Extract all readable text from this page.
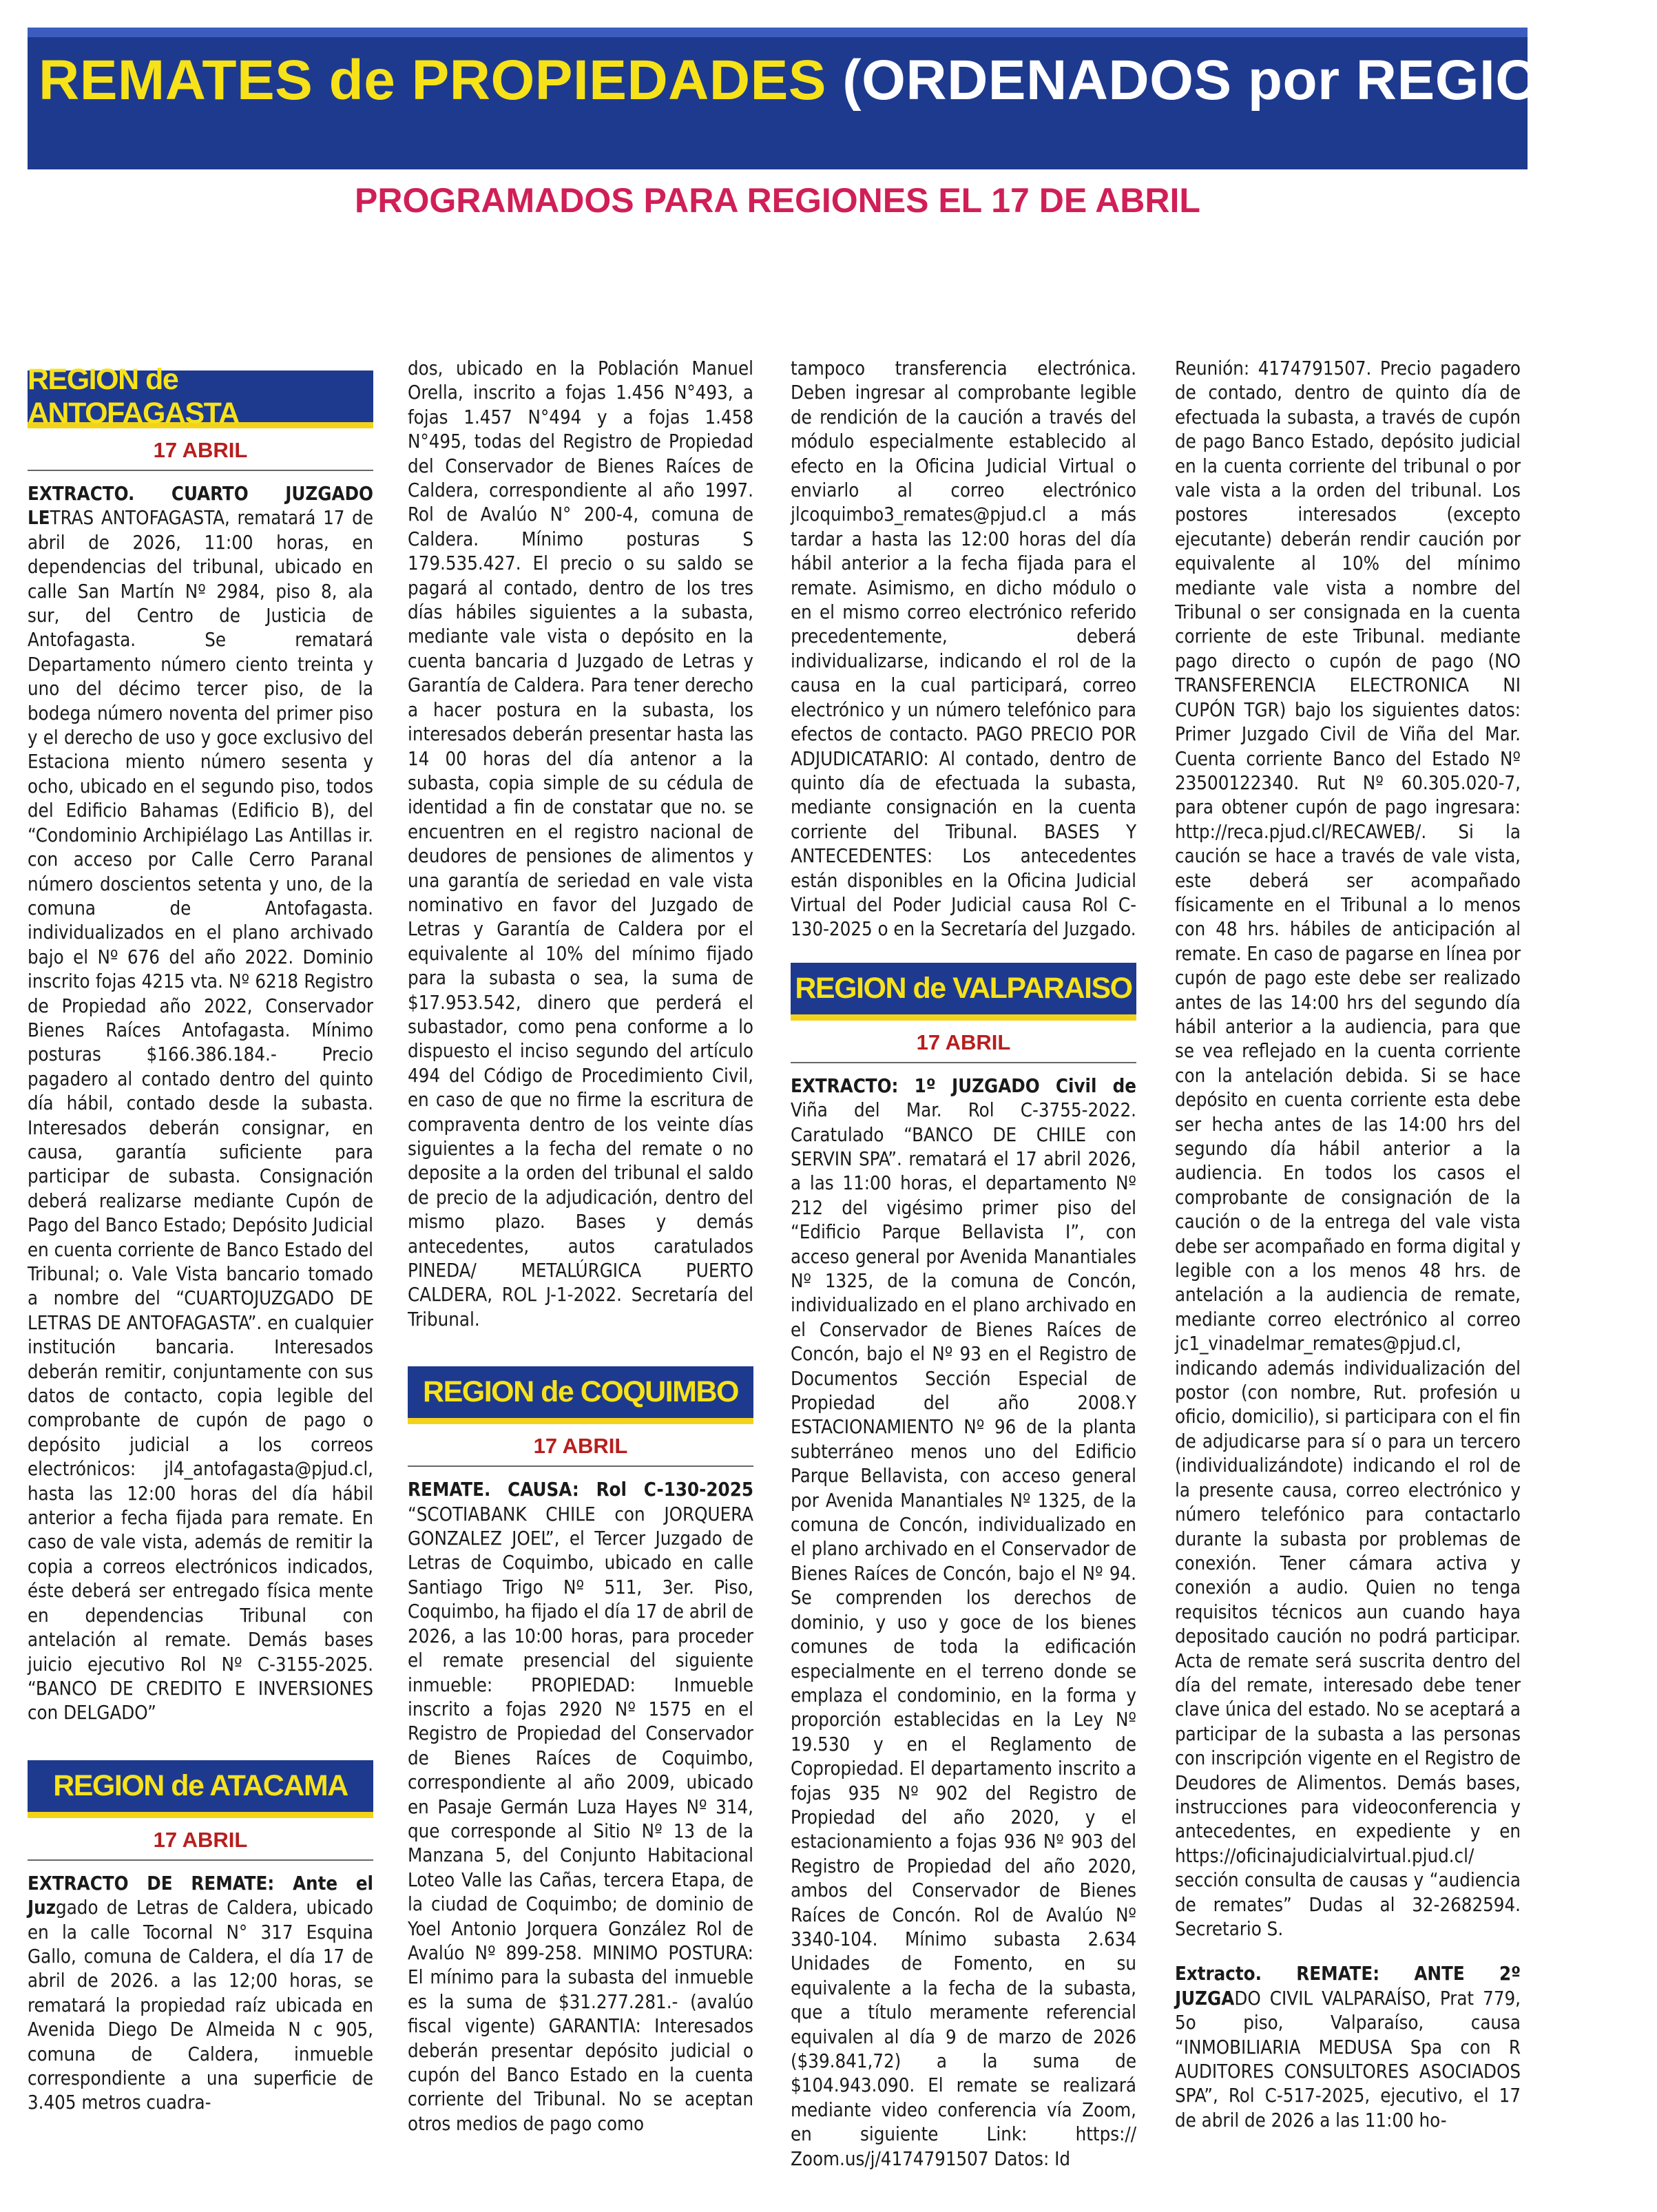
REMATES de PROPIEDADES (ORDENADOS por REGIONES
PROGRAMADOS PARA REGIONES EL 17 DE ABRIL
REGION de ANTOFAGASTA
17 ABRIL

EXTRACTO. CUARTO JUZGADO LETRAS ANTOFAGASTA, rematará 17 de abril de 2026, 11:00 horas, en dependencias del tribunal, ubicado en calle San Martín Nº 2984, piso 8, ala sur, del Centro de Justicia de Antofagasta. Se rematará Departamento número ciento treinta y uno del décimo tercer piso, de la bodega número noventa del primer piso y el derecho de uso y goce exclusivo del Estaciona miento número sesenta y ocho, ubicado en el segundo piso, todos del Edificio Bahamas (Edificio B), del “Condominio Archipiélago Las Antillas ir. con acceso por Calle Cerro Paranal número doscientos setenta y uno, de la comuna de Antofagasta. individualizados en el plano archivado bajo el Nº 676 del año 2022. Dominio inscrito fojas 4215 vta. Nº 6218 Registro de Propiedad año 2022, Conservador Bienes Raíces Antofagasta. Mínimo posturas $166.386.184.- Precio pagadero al contado dentro del quinto día hábil, contado desde la subasta. Interesados deberán consignar, en causa, garantía suficiente para participar de subasta. Consignación deberá realizarse mediante Cupón de Pago del Banco Estado; Depósito Judicial en cuenta corriente de Banco Estado del Tribunal; o. Vale Vista bancario tomado a nombre del “CUARTOJUZGADO DE LETRAS DE ANTOFAGASTA”. en cualquier institución bancaria. Interesados deberán remitir, conjuntamente con sus datos de contacto, copia legible del comprobante de cupón de pago o depósito judicial a los correos electrónicos: jl4_antofagasta@pjud.cl, hasta las 12:00 horas del día hábil anterior a fecha fijada para remate. En caso de vale vista, además de remitir la copia a correos electrónicos indicados, éste deberá ser entregado física mente en dependencias Tribunal con antelación al remate. Demás bases juicio ejecutivo Rol Nº C-3155-2025. “BANCO DE CREDITO E INVERSIONES con DELGADO”

REGION de ATACAMA
17 ABRIL

EXTRACTO DE REMATE: Ante el Juzgado de Letras de Caldera, ubicado en la calle Tocornal N° 317 Esquina Gallo, comuna de Caldera, el día 17 de abril de 2026. a las 12;00 horas, se rematará la propiedad raíz ubicada en Avenida Diego De Almeida N c 905, comuna de Caldera, inmueble correspondiente a una superficie de 3.405 metros cuadra-

dos, ubicado en la Población Manuel Orella, inscrito a fojas 1.456 N°493, a fojas 1.457 N°494 y a fojas 1.458 N°495, todas del Registro de Propiedad del Conservador de Bienes Raíces de Caldera, correspondiente al año 1997. Rol de Avalúo N° 200-4, comuna de Caldera. Mínimo posturas S 179.535.427. El precio o su saldo se pagará al contado, dentro de los tres días hábiles siguientes a la subasta, mediante vale vista o depósito en la cuenta bancaria d Juzgado de Letras y Garantía de Caldera. Para tener derecho a hacer postura en la subasta, los interesados deberán presentar hasta las 14 00 horas del día antenor a la subasta, copia simple de su cédula de identidad a fin de constatar que no. se encuentren en el registro nacional de deudores de pensiones de alimentos y una garantía de seriedad en vale vista nominativo en favor del Juzgado de Letras y Garantía de Caldera por el equivalente al 10% del mínimo fijado para la subasta o sea, la suma de $17.953.542, dinero que perderá el subastador, como pena conforme a lo dispuesto el inciso segundo del artículo 494 del Código de Procedimiento Civil, en caso de que no firme la escritura de compraventa dentro de los veinte días siguientes a la fecha del remate o no deposite a la orden del tribunal el saldo de precio de la adjudicación, dentro del mismo plazo. Bases y demás antecedentes, autos caratulados PINEDA/ METALÚRGICA PUERTO CALDERA, ROL J-1-2022. Secretaría del Tribunal.

REGION de COQUIMBO
17 ABRIL

REMATE. CAUSA: Rol C-130-2025 “SCOTIABANK CHILE con JORQUERA GONZALEZ JOEL”, el Tercer Juzgado de Letras de Coquimbo, ubicado en calle Santiago Trigo Nº 511, 3er. Piso, Coquimbo, ha fijado el día 17 de abril de 2026, a las 10:00 horas, para proceder el remate presencial del siguiente inmueble: PROPIEDAD: Inmueble inscrito a fojas 2920 Nº 1575 en el Registro de Propiedad del Conservador de Bienes Raíces de Coquimbo, correspondiente al año 2009, ubicado en Pasaje Germán Luza Hayes Nº 314, que corresponde al Sitio Nº 13 de la Manzana 5, del Conjunto Habitacional Loteo Valle las Cañas, tercera Etapa, de la ciudad de Coquimbo; de dominio de Yoel Antonio Jorquera González Rol de Avalúo Nº 899-258. MINIMO POSTURA: El mínimo para la subasta del inmueble es la suma de $31.277.281.- (avalúo fiscal vigente) GARANTIA: Interesados deberán presentar depósito judicial o cupón del Banco Estado en la cuenta corriente del Tribunal. No se aceptan otros medios de pago como

tampoco transferencia electrónica. Deben ingresar al comprobante legible de rendición de la caución a través del módulo especialmente establecido al efecto en la Oficina Judicial Virtual o enviarlo al correo electrónico jlcoquimbo3_remates@pjud.cl a más tardar a hasta las 12:00 horas del día hábil anterior a la fecha fijada para el remate. Asimismo, en dicho módulo o en el mismo correo electrónico referido precedentemente, deberá individualizarse, indicando el rol de la causa en la cual participará, correo electrónico y un número telefónico para efectos de contacto. PAGO PRECIO POR ADJUDICATARIO: Al contado, dentro de quinto día de efectuada la subasta, mediante consignación en la cuenta corriente del Tribunal. BASES Y ANTECEDENTES: Los antecedentes están disponibles en la Oficina Judicial Virtual del Poder Judicial causa Rol C-130-2025 o en la Secretaría del Juzgado.

REGION de VALPARAISO
17 ABRIL

EXTRACTO: 1º JUZGADO Civil de Viña del Mar. Rol C-3755-2022. Caratulado “BANCO DE CHILE con SERVIN SPA”. rematará el 17 abril 2026, a las 11:00 horas, el departamento Nº 212 del vigésimo primer piso del “Edificio Parque Bellavista I”, con acceso general por Avenida Manantiales Nº 1325, de la comuna de Concón, individualizado en el plano archivado en el Conservador de Bienes Raíces de Concón, bajo el Nº 93 en el Registro de Documentos Sección Especial de Propiedad del año 2008.Y ESTACIONAMIENTO Nº 96 de la planta subterráneo menos uno del Edificio Parque Bellavista, con acceso general por Avenida Manantiales Nº 1325, de la comuna de Concón, individualizado en el plano archivado en el Conservador de Bienes Raíces de Concón, bajo el Nº 94. Se comprenden los derechos de dominio, y uso y goce de los bienes comunes de toda la edificación especialmente en el terreno donde se emplaza el condominio, en la forma y proporción establecidas en la Ley Nº 19.530 y en el Reglamento de Copropiedad. El departamento inscrito a fojas 935 Nº 902 del Registro de Propiedad del año 2020, y el estacionamiento a fojas 936 Nº 903 del Registro de Propiedad del año 2020, ambos del Conservador de Bienes Raíces de Concón. Rol de Avalúo Nº 3340-104. Mínimo subasta 2.634 Unidades de Fomento, en su equivalente a la fecha de la subasta, que a título meramente referencial equivalen al día 9 de marzo de 2026 ($39.841,72) a la suma de $104.943.090. El remate se realizará mediante video conferencia vía Zoom, en siguiente Link: https:// Zoom.us/j/4174791507 Datos: Id

Reunión: 4174791507. Precio pagadero de contado, dentro de quinto día de efectuada la subasta, a través de cupón de pago Banco Estado, depósito judicial en la cuenta corriente del tribunal o por vale vista a la orden del tribunal. Los postores interesados (excepto ejecutante) deberán rendir caución por equivalente al 10% del mínimo mediante vale vista a nombre del Tribunal o ser consignada en la cuenta corriente de este Tribunal. mediante pago directo o cupón de pago (NO TRANSFERENCIA ELECTRONICA NI CUPÓN TGR) bajo los siguientes datos: Primer Juzgado Civil de Viña del Mar. Cuenta corriente Banco del Estado Nº 23500122340. Rut Nº 60.305.020-7, para obtener cupón de pago ingresara: http://reca.pjud.cl/RECAWEB/. Si la caución se hace a través de vale vista, este deberá ser acompañado físicamente en el Tribunal a lo menos con 48 hrs. hábiles de anticipación al remate. En caso de pagarse en línea por cupón de pago este debe ser realizado antes de las 14:00 hrs del segundo día hábil anterior a la audiencia, para que se vea reflejado en la cuenta corriente con la antelación debida. Si se hace depósito en cuenta corriente esta debe ser hecha antes de las 14:00 hrs del segundo día hábil anterior a la audiencia. En todos los casos el comprobante de consignación de la caución o de la entrega del vale vista debe ser acompañado en forma digital y legible con a los menos 48 hrs. de antelación a la audiencia de remate, mediante correo electrónico al correo jc1_vinadelmar_remates@pjud.cl, indicando además individualización del postor (con nombre, Rut. profesión u oficio, domicilio), si participara con el fin de adjudicarse para sí o para un tercero (individualizándote) indicando el rol de la presente causa, correo electrónico y número telefónico para contactarlo durante la subasta por problemas de conexión. Tener cámara activa y conexión a audio. Quien no tenga requisitos técnicos aun cuando haya depositado caución no podrá participar. Acta de remate será suscrita dentro del día del remate, interesado debe tener clave única del estado. No se aceptará a participar de la subasta a las personas con inscripción vigente en el Registro de Deudores de Alimentos. Demás bases, instrucciones para videoconferencia y antecedentes, en expediente y en https://oficinajudicialvirtual.pjud.cl/ sección consulta de causas y “audiencia de remates” Dudas al 32-2682594. Secretario S.

Extracto. REMATE: ANTE 2º JUZGADO CIVIL VALPARAÍSO, Prat 779, 5o piso, Valparaíso, causa “INMOBILIARIA MEDUSA Spa con R AUDITORES CONSULTORES ASOCIADOS SPA”, Rol C-517-2025, ejecutivo, el 17 de abril de 2026 a las 11:00 ho-
